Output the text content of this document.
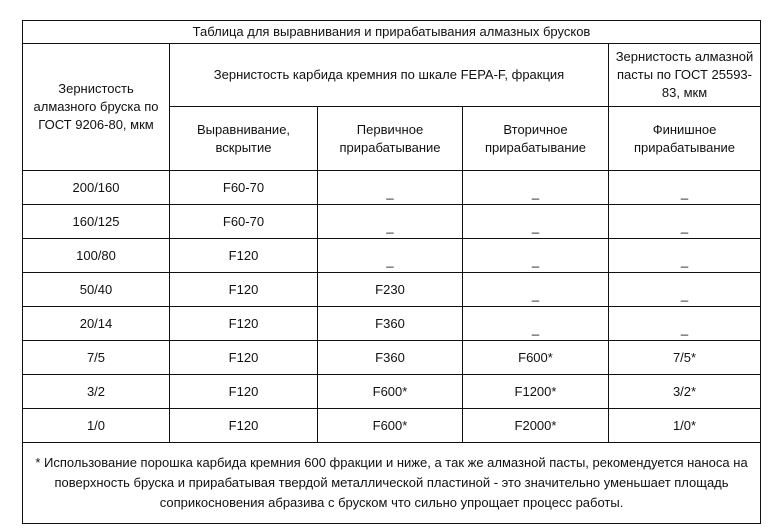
Таблица для выравнивания и прирабатывания алмазных брусков				
Зернистость алмазного бруска по ГОСТ 9206-80, мкм	Зернистость карбида кремния по шкале FEPA-F, фракция			Зернистость алмазной пасты по ГОСТ 25593-83, мкм
	Выравнивание, вскрытие	Первичное прирабатывание	Вторичное прирабатывание	Финишное прирабатывание
200/160	F60-70	_	_	_
160/125	F60-70	_	_	_
100/80	F120	_	_	_
50/40	F120	F230	_	_
20/14	F120	F360	_	_
7/5	F120	F360	F600*	7/5*
3/2	F120	F600*	F1200*	3/2*
1/0	F120	F600*	F2000*	1/0*
* Использование порошка карбида кремния 600 фракции и ниже, а так же алмазной пасты, рекомендуется наноса на поверхность бруска и прирабатывая твердой металлической пластиной - это значительно уменьшает площадь соприкосновения абразива с бруском что сильно упрощает процесс работы.				
